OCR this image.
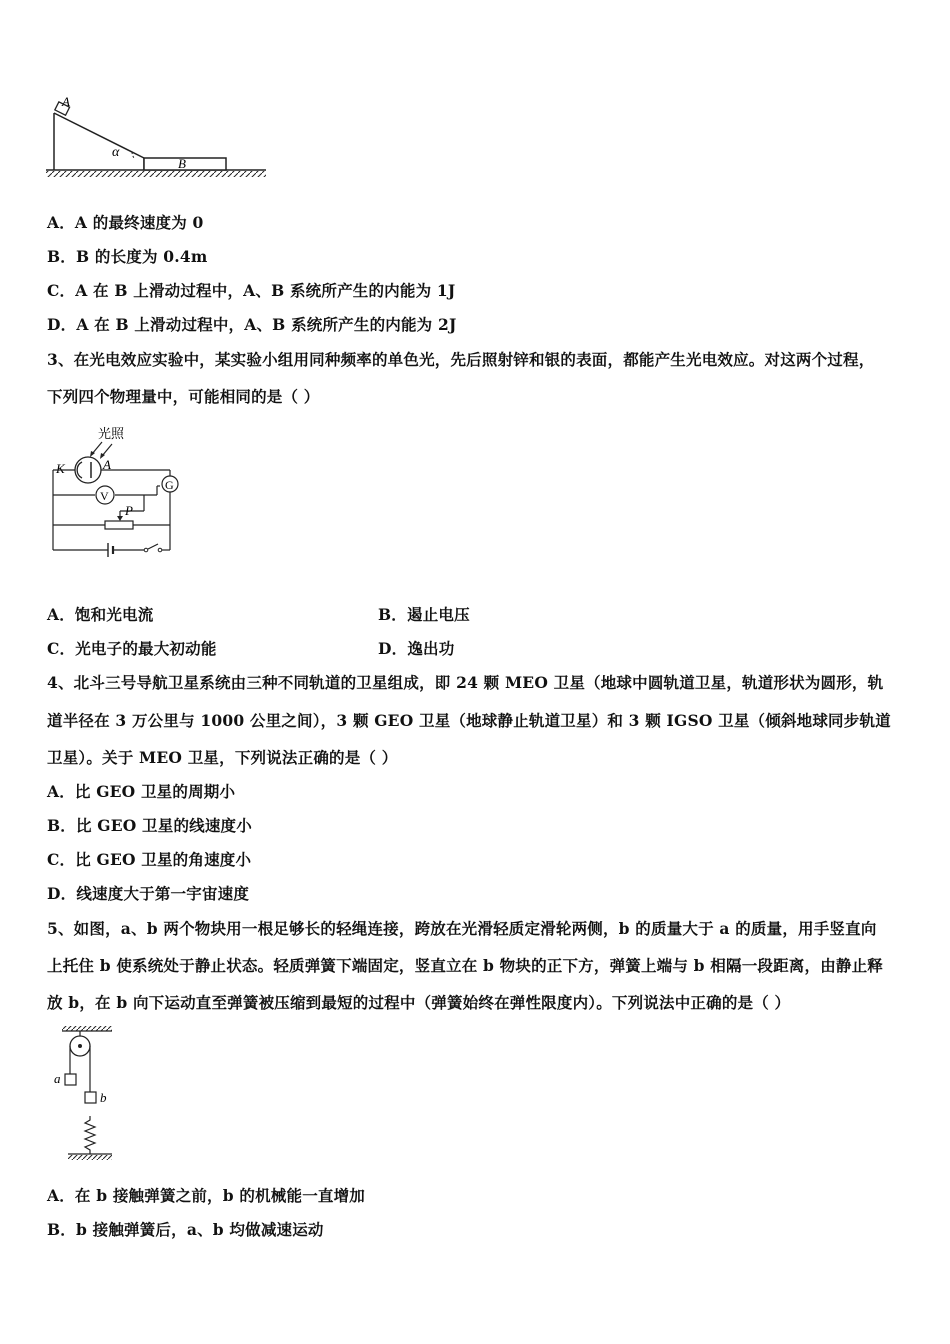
A
α
B
A．A 的最终速度为 0
B．B 的长度为 0.4m
C．A 在 B 上滑动过程中，A、B 系统所产生的内能为 1J
D．A 在 B 上滑动过程中，A、B 系统所产生的内能为 2J
3、在光电效应实验中，某实验小组用同种频率的单色光，先后照射锌和银的表面，都能产生光电效应。对这两个过程，
下列四个物理量中，可能相同的是（ ）
光照
K	A
V
G
P
A．饱和光电流	B．遏止电压
C．光电子的最大初动能	D．逸出功
4、北斗三号导航卫星系统由三种不同轨道的卫星组成，即 24 颗 MEO 卫星（地球中圆轨道卫星，轨道形状为圆形，轨
道半径在 3 万公里与 1000 公里之间），3 颗 GEO 卫星（地球静止轨道卫星）和 3 颗 IGSO 卫星（倾斜地球同步轨道
卫星）。关于 MEO 卫星，下列说法正确的是（ ）
A．比 GEO 卫星的周期小
B．比 GEO 卫星的线速度小
C．比 GEO 卫星的角速度小
D．线速度大于第一宇宙速度
5、如图，a、b 两个物块用一根足够长的轻绳连接，跨放在光滑轻质定滑轮两侧，b 的质量大于 a 的质量，用手竖直向
上托住 b 使系统处于静止状态。轻质弹簧下端固定，竖直立在 b 物块的正下方，弹簧上端与 b 相隔一段距离，由静止释
放 b，在 b 向下运动直至弹簧被压缩到最短的过程中（弹簧始终在弹性限度内）。下列说法中正确的是（ ）
a
b
A．在 b 接触弹簧之前，b 的机械能一直增加
B．b 接触弹簧后，a、b 均做减速运动
